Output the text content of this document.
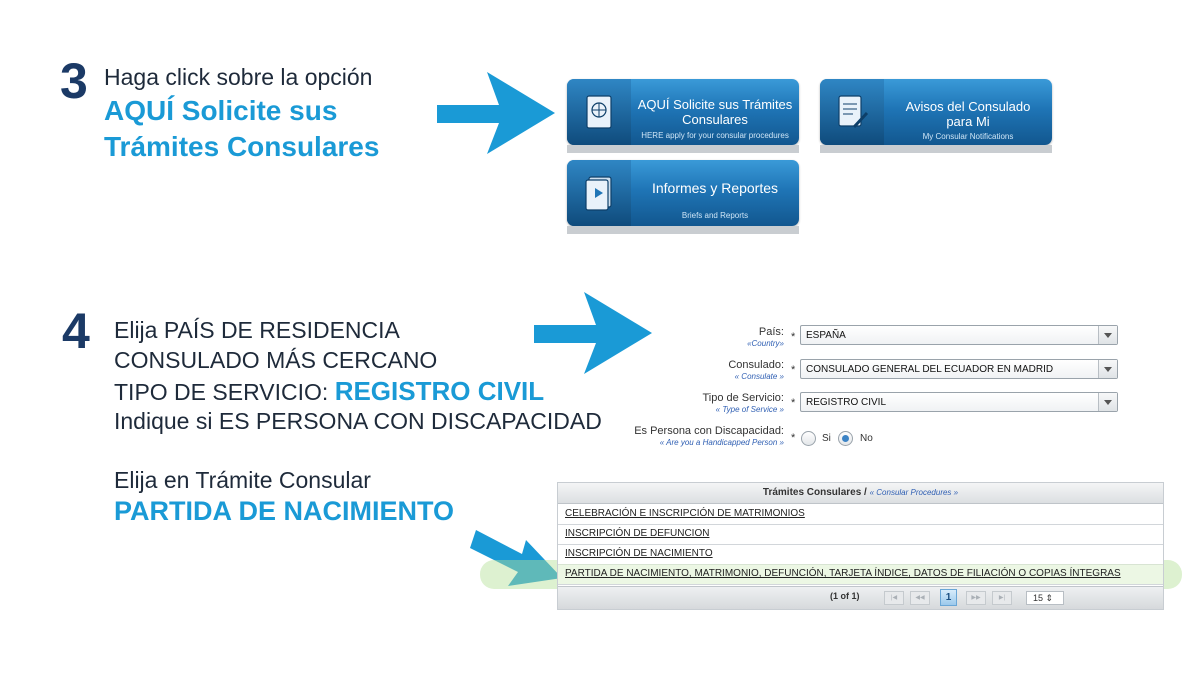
3 Haga click sobre la opción
AQUÍ Solicite sus
Trámites Consulares
AQUÍ Solicite sus Trámites
Consulares
HERE apply for your consular procedures
Avisos del Consulado
para Mi
My Consular Notifications
Informes y Reportes
Briefs and Reports
4 Elija PAÍS DE RESIDENCIA
CONSULADO MÁS CERCANO
TIPO DE SERVICIO: REGISTRO CIVIL
Indique si ES PERSONA CON DISCAPACIDAD
Elija en Trámite Consular
PARTIDA DE NACIMIENTO
País:
«Country»
* ESPAÑA
Consulado:
« Consulate »
* CONSULADO GENERAL DEL ECUADOR EN MADRID
Tipo de Servicio:
« Type of Service »
* REGISTRO CIVIL
Es Persona con Discapacidad:
« Are you a Handicapped Person » *	Si	No
Trámites Consulares / « Consular Procedures »
CELEBRACIÓN E INSCRIPCIÓN DE MATRIMONIOS
INSCRIPCIÓN DE DEFUNCION
INSCRIPCIÓN DE NACIMIENTO
PARTIDA DE NACIMIENTO, MATRIMONIO, DEFUNCIÓN, TARJETA ÍNDICE, DATOS DE FILIACIÓN O COPIAS ÍNTEGRAS
(1 of 1)	|◀	◀◀	1	▶▶	▶|	15 ⇕
